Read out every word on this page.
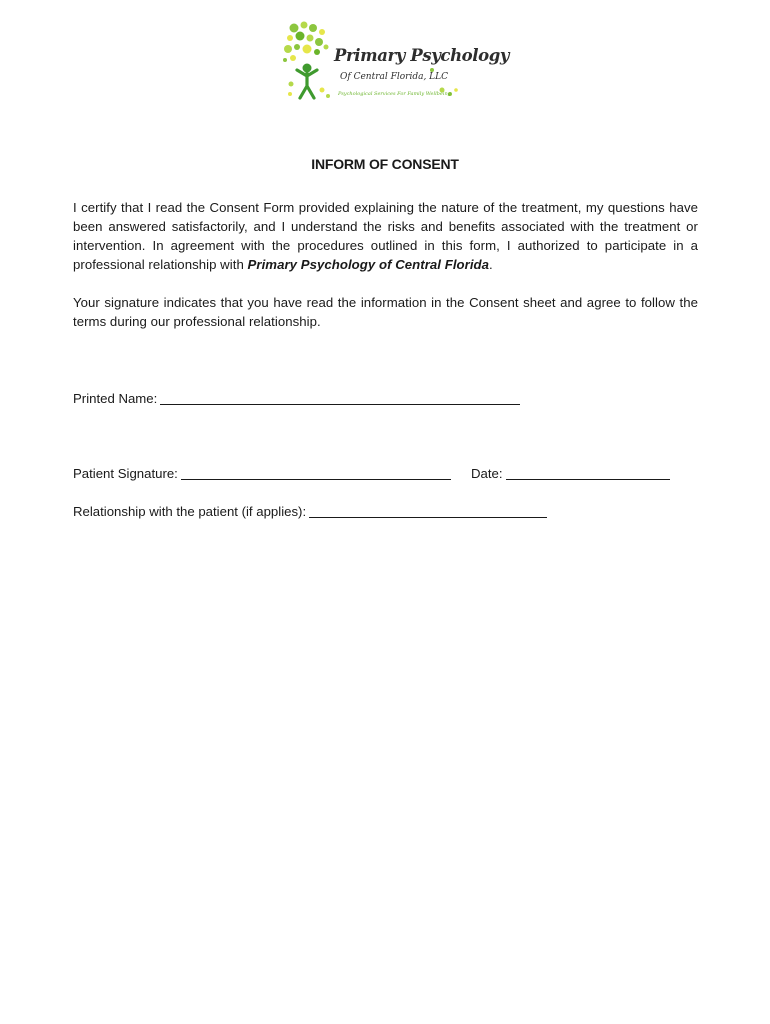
Primary Psychology
Of Central Florida, LLC
Psychological Services For Family Wellbeing
INFORM OF CONSENT
I certify that I read the Consent Form provided explaining the nature of the treatment, my questions have been answered satisfactorily, and I understand the risks and benefits associated with the treatment or intervention. In agreement with the procedures outlined in this form, I authorized to participate in a professional relationship with Primary Psychology of Central Florida.
Your signature indicates that you have read the information in the Consent sheet and agree to follow the terms during our professional relationship.
Printed Name:
Patient Signature:	Date:
Relationship with the patient (if applies):
